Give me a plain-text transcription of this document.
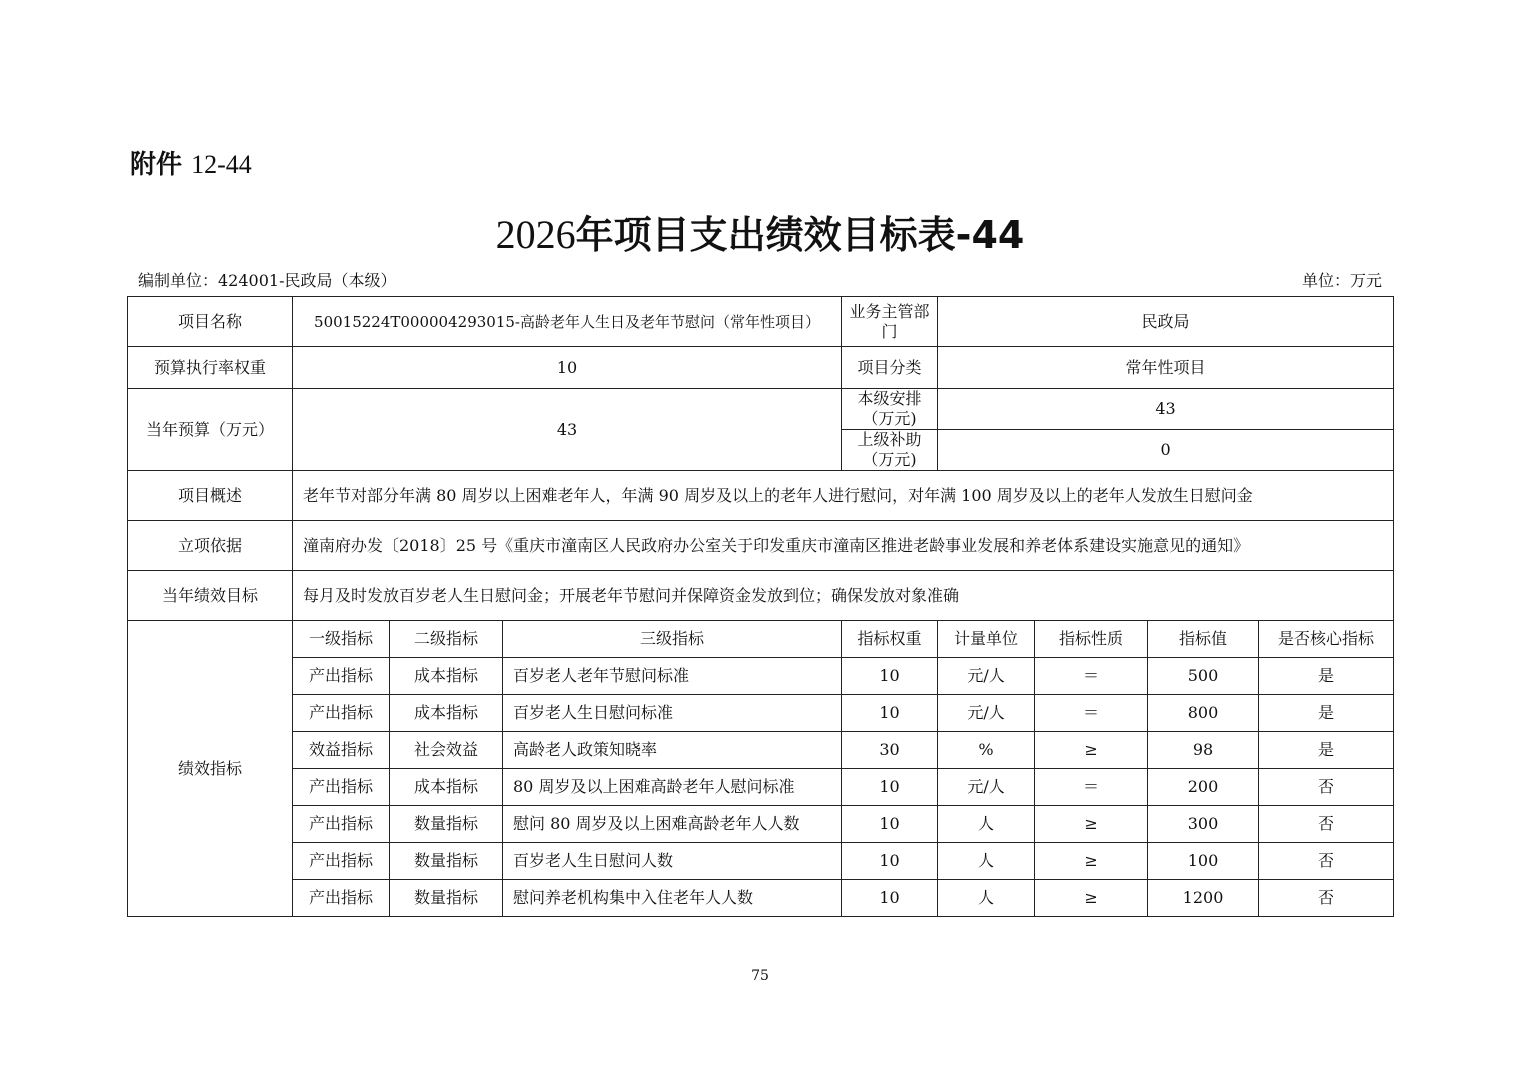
附件 12-44
2026年项目支出绩效目标表-44
编制单位：424001-民政局（本级）	单位：万元
项目名称	50015224T000004293015-高龄老年人生日及老年节慰问（常年性项目）			业务主管部门	民政局			
预算执行率权重	10			项目分类	常年性项目			
当年预算（万元）	43			本级安排（万元)	43			
				上级补助（万元)	0			
项目概述	老年节对部分年满 80 周岁以上困难老年人，年满 90 周岁及以上的老年人进行慰问，对年满 100 周岁及以上的老年人发放生日慰问金							
立项依据	潼南府办发〔2018〕25 号《重庆市潼南区人民政府办公室关于印发重庆市潼南区推进老龄事业发展和养老体系建设实施意见的通知》							
当年绩效目标	每月及时发放百岁老人生日慰问金；开展老年节慰问并保障资金发放到位；确保发放对象准确							
绩效指标	一级指标	二级指标	三级指标	指标权重	计量单位	指标性质	指标值	是否核心指标
	产出指标	成本指标	百岁老人老年节慰问标准	10	元/人	＝	500	是
	产出指标	成本指标	百岁老人生日慰问标准	10	元/人	＝	800	是
	效益指标	社会效益	高龄老人政策知晓率	30	%	≥	98	是
	产出指标	成本指标	80 周岁及以上困难高龄老年人慰问标准	10	元/人	＝	200	否
	产出指标	数量指标	慰问 80 周岁及以上困难高龄老年人人数	10	人	≥	300	否
	产出指标	数量指标	百岁老人生日慰问人数	10	人	≥	100	否
	产出指标	数量指标	慰问养老机构集中入住老年人人数	10	人	≥	1200	否
75
